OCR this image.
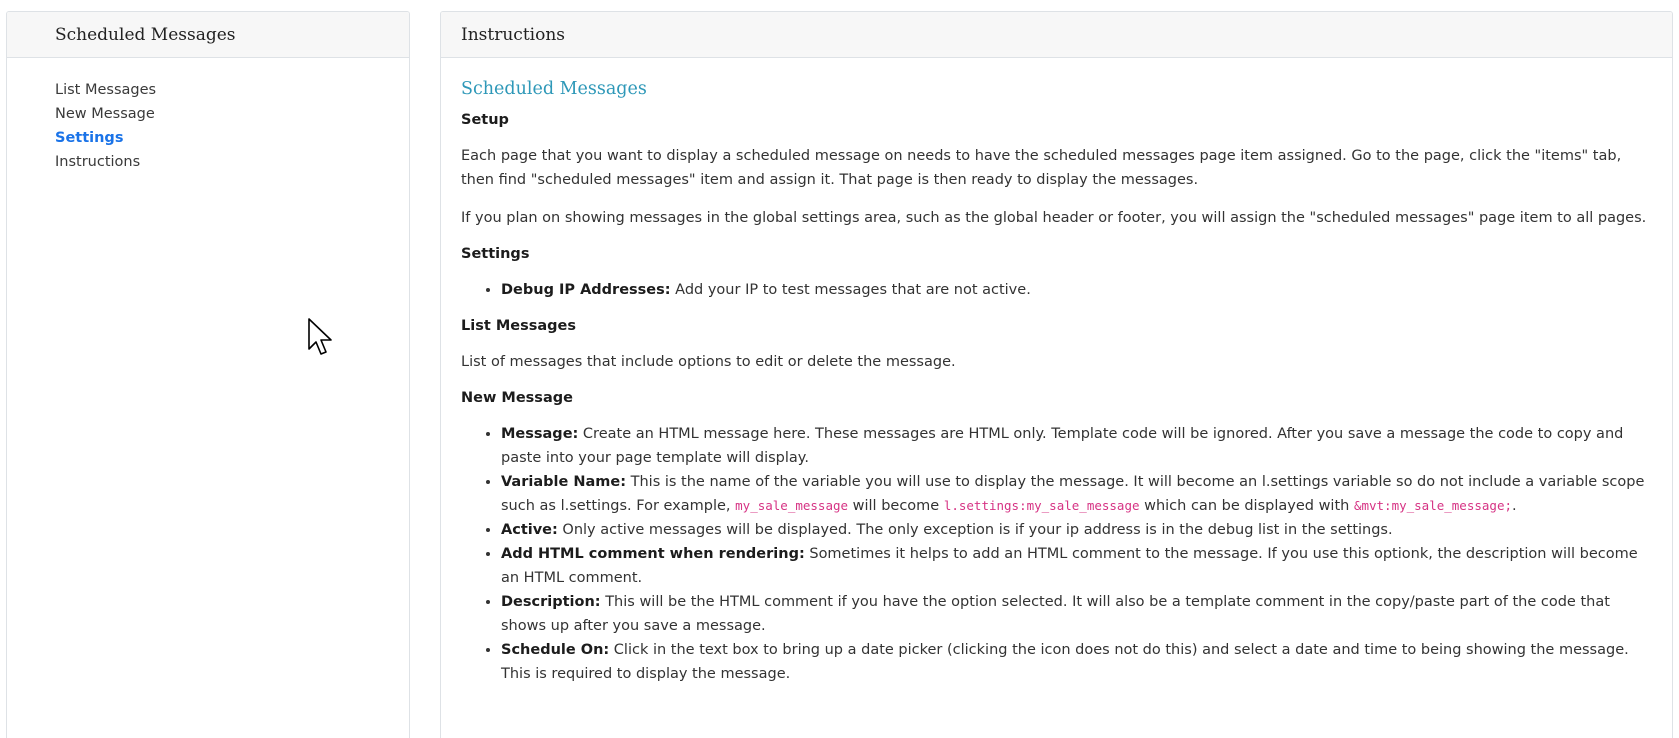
Scheduled Messages
List Messages
New Message
Settings
Instructions
Instructions
Scheduled Messages
Setup

Each page that you want to display a scheduled message on needs to have the scheduled messages page item assigned. Go to the page, click the "items" tab, then find "scheduled messages" item and assign it. That page is then ready to display the messages.

If you plan on showing messages in the global settings area, such as the global header or footer, you will assign the "scheduled messages" page item to all pages.

Settings
• Debug IP Addresses: Add your IP to test messages that are not active.
List Messages

List of messages that include options to edit or delete the message.

New Message
• Message: Create an HTML message here. These messages are HTML only. Template code will be ignored. After you save a message the code to copy and paste into your page template will display.
• Variable Name: This is the name of the variable you will use to display the message. It will become an l.settings variable so do not include a variable scope such as l.settings. For example, my_sale_message will become l.settings:my_sale_message which can be displayed with &mvt:my_sale_message;.
• Active: Only active messages will be displayed. The only exception is if your ip address is in the debug list in the settings.
• Add HTML comment when rendering: Sometimes it helps to add an HTML comment to the message. If you use this optionk, the description will become an HTML comment.
• Description: This will be the HTML comment if you have the option selected. It will also be a template comment in the copy/paste part of the code that shows up after you save a message.
• Schedule On: Click in the text box to bring up a date picker (clicking the icon does not do this) and select a date and time to being showing the message. This is required to display the message.
